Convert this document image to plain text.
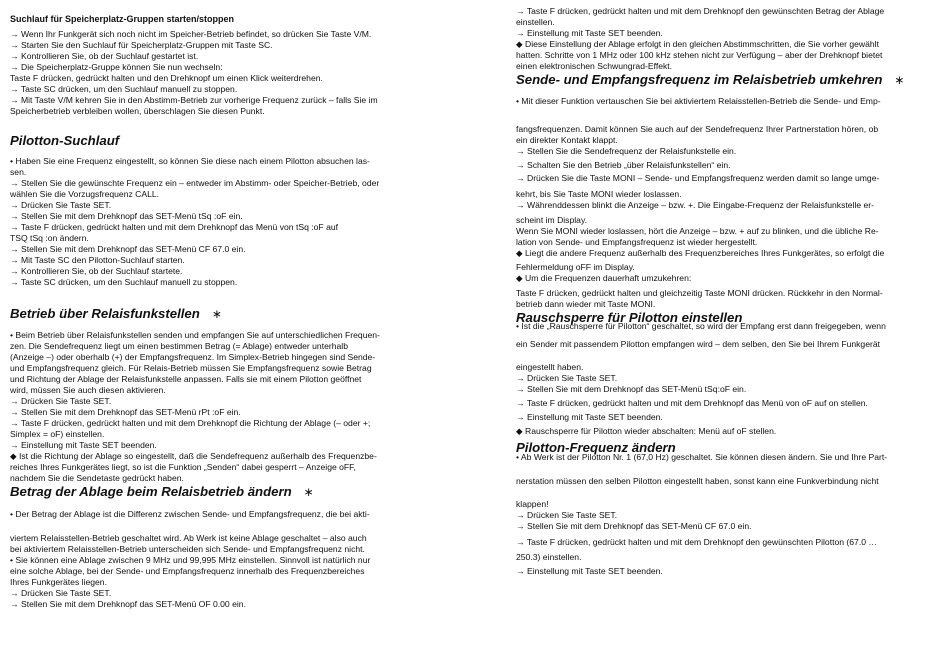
Suchlauf für Speicherplatz-Gruppen starten/stoppen
→ Wenn Ihr Funkgerät sich noch nicht im Speicher-Betrieb befindet, so drücken Sie Taste V/M.
→ Starten Sie den Suchlauf für Speicherplatz-Gruppen mit Taste SC.
→ Kontrollieren Sie, ob der Suchlauf gestartet ist.
→ Die Speicherplatz-Gruppe können Sie nun wechseln:
Taste F drücken, gedrückt halten und den Drehknopf um einen Klick weiterdrehen.
→ Taste SC drücken, um den Suchlauf manuell zu stoppen.
→ Mit Taste V/M kehren Sie in den Abstimm-Betrieb zur vorherige Frequenz zurück – falls Sie im
Speicherbetrieb verbleiben wollen, überschlagen Sie diesen Punkt.
Pilotton-Suchlauf
• Haben Sie eine Frequenz eingestellt, so können Sie diese nach einem Pilotton absuchen las-
sen.
→ Stellen Sie die gewünschte Frequenz ein – entweder im Abstimm- oder Speicher-Betrieb, oder
wählen Sie die Vorzugsfrequenz CALL.
→ Drücken Sie Taste SET.
→ Stellen Sie mit dem Drehknopf das SET-Menü tSq :oF ein.
→ Taste F drücken, gedrückt halten und mit dem Drehknopf das Menü von tSq :oF auf
TSQ tSq :on ändern.
→ Stellen Sie mit dem Drehknopf das SET-Menü CF 67.0 ein.
→ Mit Taste SC den Pilotton-Suchlauf starten.
→ Kontrollieren Sie, ob der Suchlauf startete.
→ Taste SC drücken, um den Suchlauf manuell zu stoppen.
Betrieb über Relaisfunkstellen ∗
• Beim Betrieb über Relaisfunkstellen senden und empfangen Sie auf unterschiedlichen Frequen-
zen. Die Sendefrequenz liegt um einen bestimmen Betrag (= Ablage) entweder unterhalb
(Anzeige –) oder oberhalb (+) der Empfangsfrequenz. Im Simplex-Betrieb hingegen sind Sende-
und Empfangsfrequenz gleich. Für Relais-Betrieb müssen Sie Empfangsfrequenz sowie Betrag
und Richtung der Ablage der Relaisfunkstelle anpassen. Falls sie mit einem Pilotton geöffnet
wird, müssen Sie auch diesen aktivieren.
→ Drücken Sie Taste SET.
→ Stellen Sie mit dem Drehknopf das SET-Menü rPt :oF ein.
→ Taste F drücken, gedrückt halten und mit dem Drehknopf die Richtung der Ablage (– oder +;
Simplex = oF) einstellen.
→ Einstellung mit Taste SET beenden.
◆ Ist die Richtung der Ablage so eingestellt, daß die Sendefrequenz außerhalb des Frequenzbe-
reiches Ihres Funkgerätes liegt, so ist die Funktion „Senden“ dabei gesperrt – Anzeige oFF,
nachdem Sie die Sendetaste gedrückt haben.
Betrag der Ablage beim Relaisbetrieb ändern ∗
• Der Betrag der Ablage ist die Differenz zwischen Sende- und Empfangsfrequenz, die bei akti-
viertem Relaisstellen-Betrieb geschaltet wird. Ab Werk ist keine Ablage geschaltet – also auch
bei aktiviertem Relaisstellen-Betrieb unterscheiden sich Sende- und Empfangsfrequenz nicht.
• Sie können eine Ablage zwischen 9 MHz und 99,995 MHz einstellen. Sinnvoll ist natürlich nur
eine solche Ablage, bei der Sende- und Empfangsfrequenz innerhalb des Frequenzbereiches
Ihres Funkgerätes liegen.
→ Drücken Sie Taste SET.
→ Stellen Sie mit dem Drehknopf das SET-Menü OF 0.00 ein.
→ Taste F drücken, gedrückt halten und mit dem Drehknopf den gewünschten Betrag der Ablage
einstellen.
→ Einstellung mit Taste SET beenden.
◆ Diese Einstellung der Ablage erfolgt in den gleichen Abstimmschritten, die Sie vorher gewählt
hatten. Schritte von 1 MHz oder 100 kHz stehen nicht zur Verfügung – aber der Drehknopf bietet
einen elektronischen Schwungrad-Effekt.
Sende- und Empfangsfrequenz im Relaisbetrieb umkehren ∗
• Mit dieser Funktion vertauschen Sie bei aktiviertem Relaisstellen-Betrieb die Sende- und Emp-
fangsfrequenzen. Damit können Sie auch auf der Sendefrequenz Ihrer Partnerstation hören, ob
ein direkter Kontakt klappt.
→ Stellen Sie die Sendefrequenz der Relaisfunkstelle ein.
→ Schalten Sie den Betrieb „über Relaisfunkstellen“ ein.
→ Drücken Sie die Taste MONI – Sende- und Empfangsfrequenz werden damit so lange umge-
kehrt, bis Sie Taste MONI wieder loslassen.
→ Währenddessen blinkt die Anzeige – bzw. +. Die Eingabe-Frequenz der Relaisfunkstelle er-
scheint im Display.
Wenn Sie MONI wieder loslassen, hört die Anzeige – bzw. + auf zu blinken, und die übliche Re-
lation von Sende- und Empfangsfrequenz ist wieder hergestellt.
◆ Liegt die andere Frequenz außerhalb des Frequenzbereiches Ihres Funkgerätes, so erfolgt die
Fehlermeldung oFF im Display.
◆ Um die Frequenzen dauerhaft umzukehren:
Taste F drücken, gedrückt halten und gleichzeitig Taste MONI drücken. Rückkehr in den Normal-
betrieb dann wieder mit Taste MONI.
Rauschsperre für Pilotton einstellen
• Ist die „Rauschsperre für Pilotton“ geschaltet, so wird der Empfang erst dann freigegeben, wenn
ein Sender mit passendem Pilotton empfangen wird – dem selben, den Sie bei Ihrem Funkgerät
eingestellt haben.
→ Drücken Sie Taste SET.
→ Stellen Sie mit dem Drehknopf das SET-Menü tSq:oF ein.
→ Taste F drücken, gedrückt halten und mit dem Drehknopf das Menü von oF auf on stellen.
→ Einstellung mit Taste SET beenden.
◆ Rauschsperre für Pilotton wieder abschalten: Menü auf oF stellen.
Pilotton-Frequenz ändern
• Ab Werk ist der Pilotton Nr. 1 (67,0 Hz) geschaltet. Sie können diesen ändern. Sie und Ihre Part-
nerstation müssen den selben Pilotton eingestellt haben, sonst kann eine Funkverbindung nicht
klappen!
→ Drücken Sie Taste SET.
→ Stellen Sie mit dem Drehknopf das SET-Menü CF 67.0 ein.
→ Taste F drücken, gedrückt halten und mit dem Drehknopf den gewünschten Pilotton (67.0 …
250.3) einstellen.
→ Einstellung mit Taste SET beenden.
